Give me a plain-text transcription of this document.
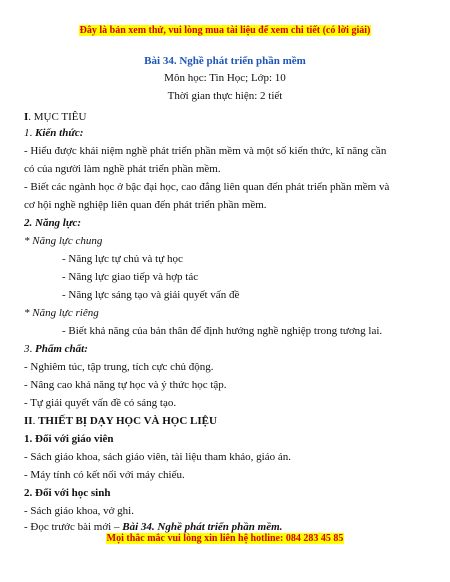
Đây là bản xem thử, vui lòng mua tài liệu để xem chi tiết (có lời giải)
Bài 34. Nghề phát triển phần mềm
Môn học: Tin Học; Lớp: 10
Thời gian thực hiện: 2 tiết
I. MỤC TIÊU
1. Kiến thức:
- Hiểu được khái niệm nghề phát triển phần mềm và một số kiến thức, kĩ năng cần
có của người làm nghề phát triển phần mềm.
- Biết các ngành học ở bậc đại học, cao đẳng liên quan đến phát triển phần mềm và
cơ hội nghề nghiệp liên quan đến phát triển phần mềm.
2. Năng lực:
* Năng lực chung
- Năng lực tự chủ và tự học
- Năng lực giao tiếp và hợp tác
- Năng lực sáng tạo và giải quyết vấn đề
* Năng lực riêng
- Biết khả năng của bản thân để định hướng nghề nghiệp trong tương lai.
3. Phẩm chất:
- Nghiêm túc, tập trung, tích cực chủ động.
- Nâng cao khả năng tự học và ý thức học tập.
- Tự giải quyết vấn đề có sáng tạo.
II. THIẾT BỊ DẠY HỌC VÀ HỌC LIỆU
1. Đối với giáo viên
- Sách giáo khoa, sách giáo viên, tài liệu tham khảo, giáo án.
- Máy tính có kết nối với máy chiếu.
2. Đối với học sinh
- Sách giáo khoa, vở ghi.
- Đọc trước bài mới – Bài 34. Nghề phát triển phần mềm.
Mọi thắc mắc vui lòng xin liên hệ hotline: 084 283 45 85
